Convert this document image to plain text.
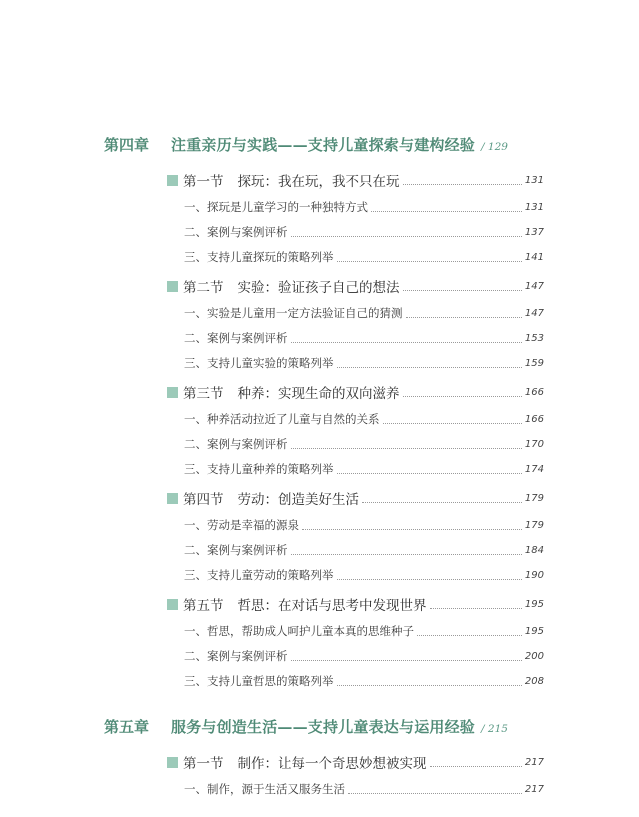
第四章	注重亲历与实践——支持儿童探索与建构经验 / 129
第一节 探玩：我在玩，我不只在玩	131
一、探玩是儿童学习的一种独特方式	131
二、案例与案例评析	137
三、支持儿童探玩的策略列举	141
第二节 实验：验证孩子自己的想法	147
一、实验是儿童用一定方法验证自己的猜测	147
二、案例与案例评析	153
三、支持儿童实验的策略列举	159
第三节 种养：实现生命的双向滋养	166
一、种养活动拉近了儿童与自然的关系	166
二、案例与案例评析	170
三、支持儿童种养的策略列举	174
第四节 劳动：创造美好生活	179
一、劳动是幸福的源泉	179
二、案例与案例评析	184
三、支持儿童劳动的策略列举	190
第五节 哲思：在对话与思考中发现世界	195
一、哲思，帮助成人呵护儿童本真的思维种子	195
二、案例与案例评析	200
三、支持儿童哲思的策略列举	208
第五章	服务与创造生活——支持儿童表达与运用经验 / 215
第一节 制作：让每一个奇思妙想被实现	217
一、制作，源于生活又服务生活	217
